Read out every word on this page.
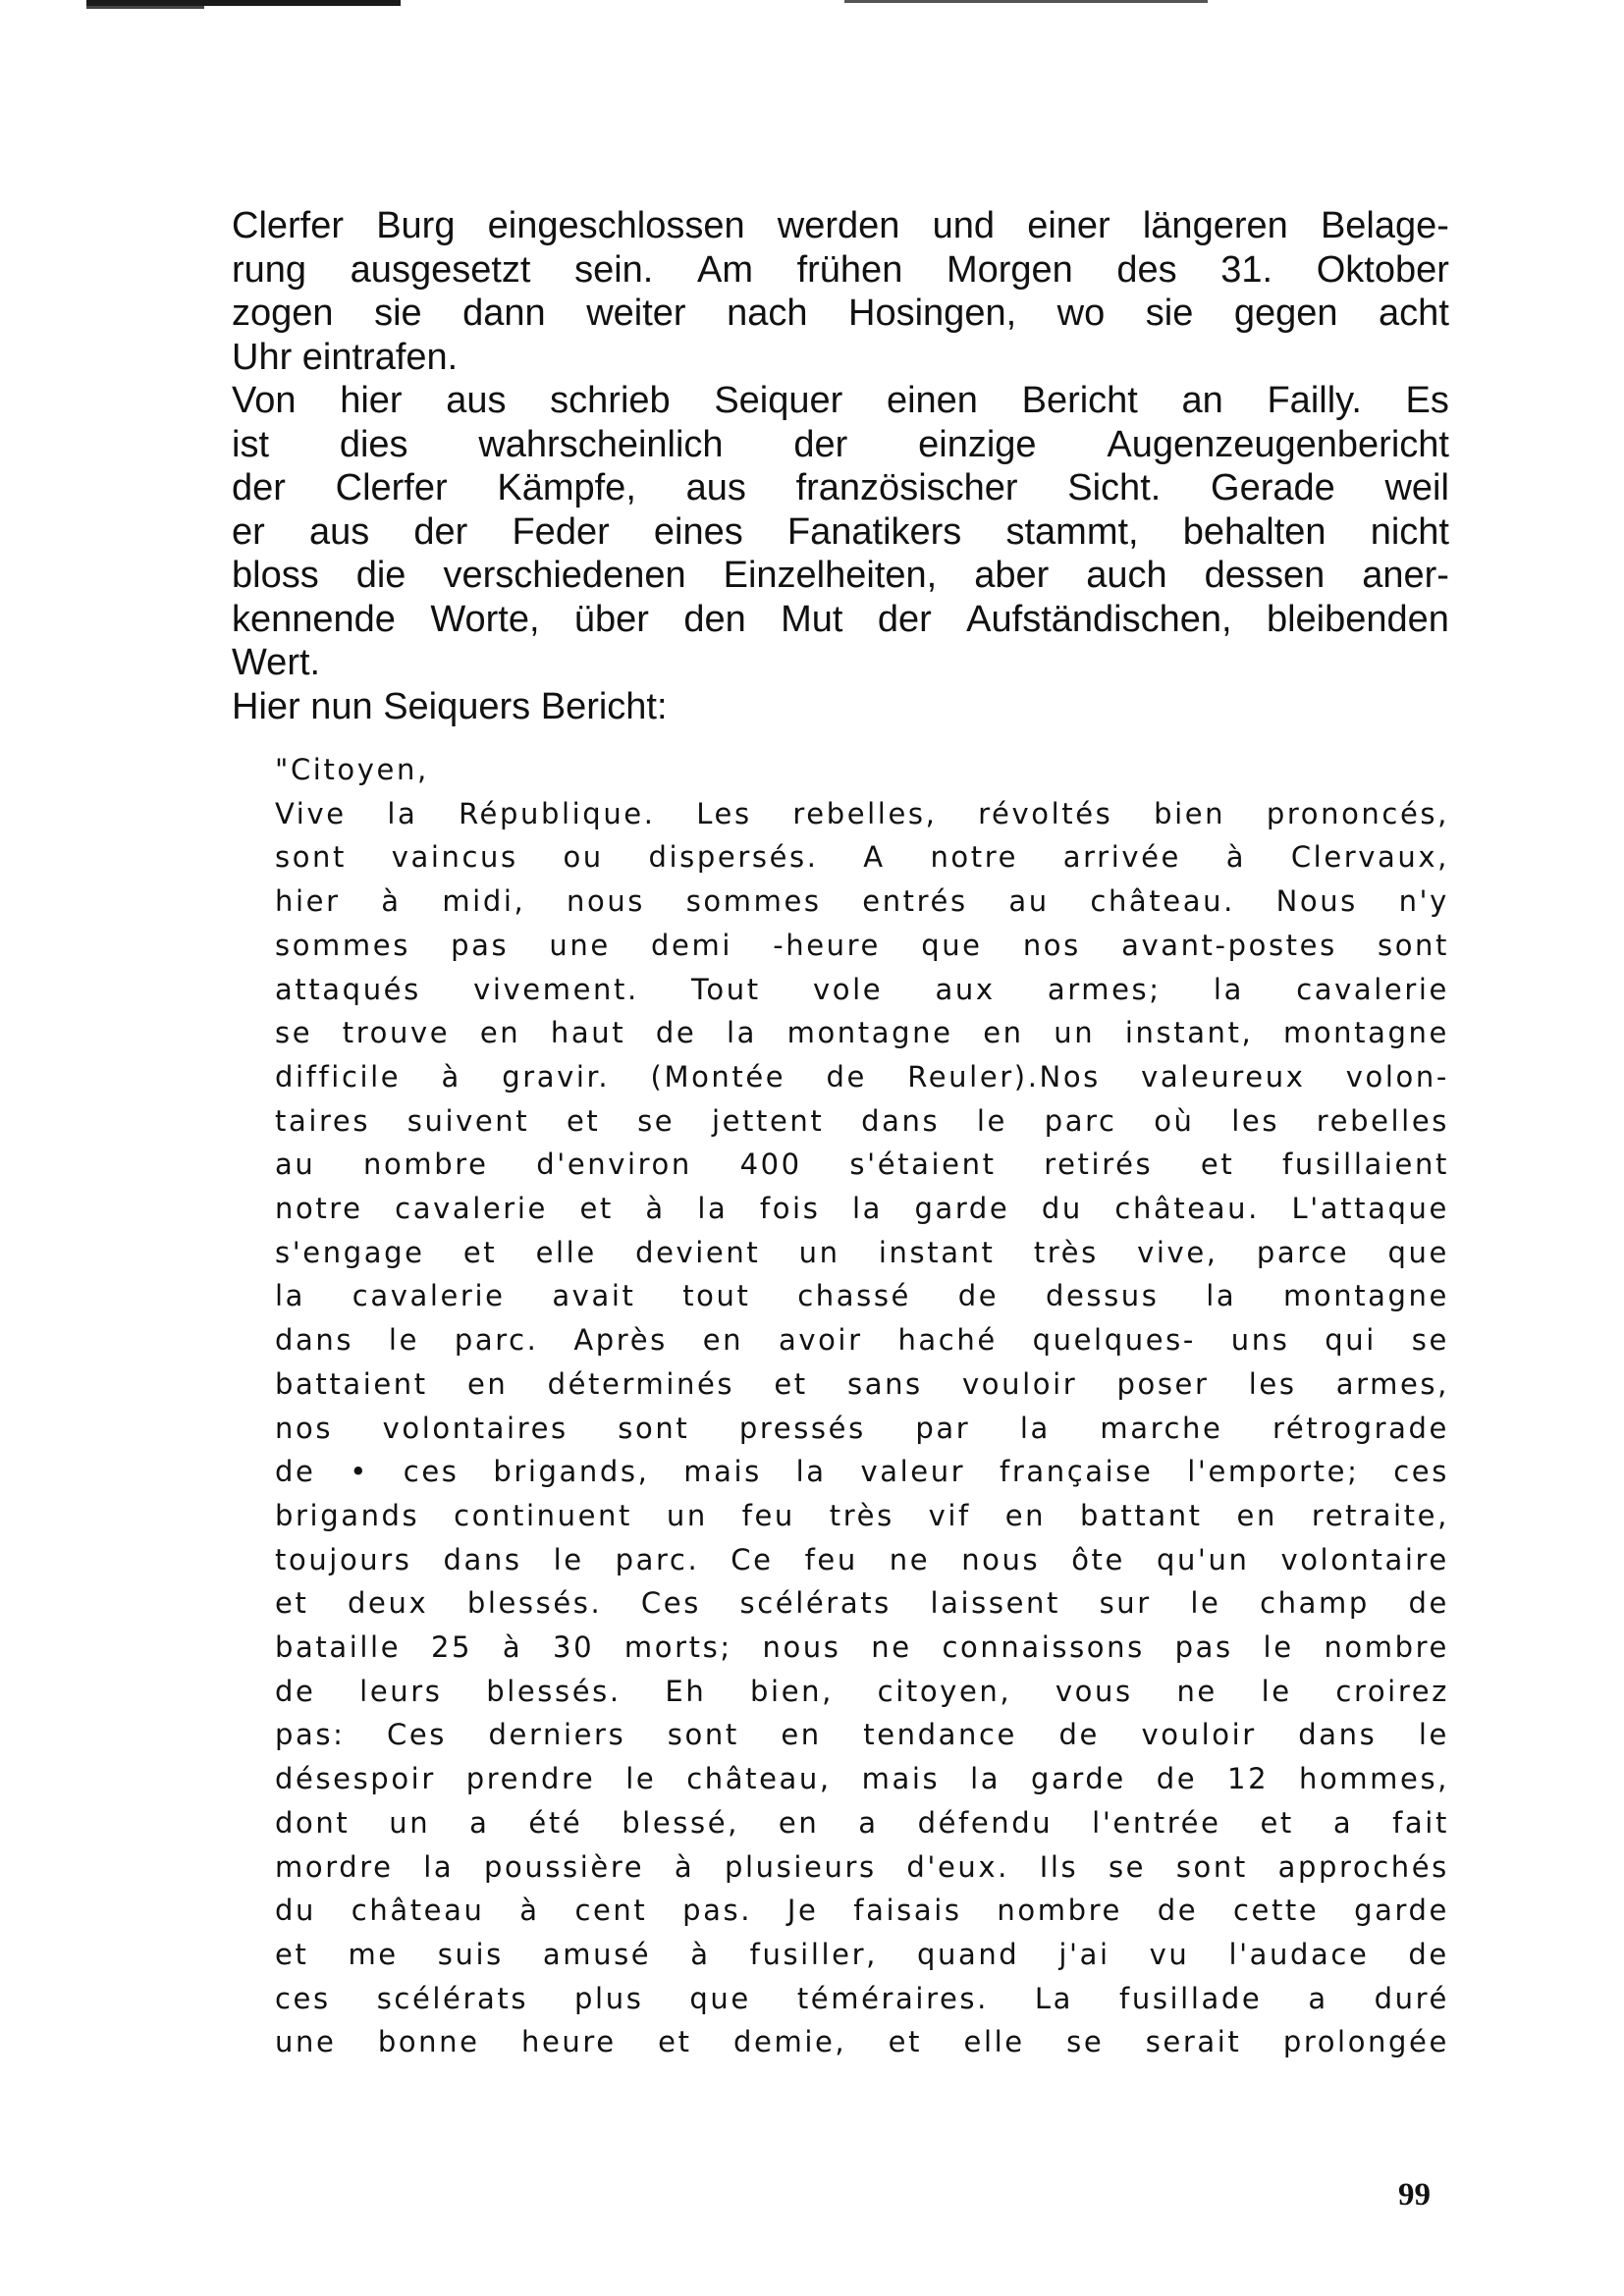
Clerfer Burg eingeschlossen werden und einer längeren Belage-
rung ausgesetzt sein. Am frühen Morgen des 31. Oktober
zogen sie dann weiter nach Hosingen, wo sie gegen acht
Uhr eintrafen.
Von hier aus schrieb Seiquer einen Bericht an Failly. Es
ist dies wahrscheinlich der einzige Augenzeugenbericht
der Clerfer Kämpfe, aus französischer Sicht. Gerade weil
er aus der Feder eines Fanatikers stammt, behalten nicht
bloss die verschiedenen Einzelheiten, aber auch dessen aner-
kennende Worte, über den Mut der Aufständischen, bleibenden
Wert.
Hier nun Seiquers Bericht:
"Citoyen,
Vive la République. Les rebelles, révoltés bien prononcés,
sont vaincus ou dispersés. A notre arrivée à Clervaux,
hier à midi, nous sommes entrés au château. Nous n'y
sommes pas une demi -heure que nos avant-postes sont
attaqués vivement. Tout vole aux armes; la cavalerie
se trouve en haut de la montagne en un instant, montagne
difficile à gravir. (Montée de Reuler).Nos valeureux volon-
taires suivent et se jettent dans le parc où les rebelles
au nombre d'environ 400 s'étaient retirés et fusillaient
notre cavalerie et à la fois la garde du château. L'attaque
s'engage et elle devient un instant très vive, parce que
la cavalerie avait tout chassé de dessus la montagne
dans le parc. Après en avoir haché quelques- uns qui se
battaient en déterminés et sans vouloir poser les armes,
nos volontaires sont pressés par la marche rétrograde
de • ces brigands, mais la valeur française l'emporte; ces
brigands continuent un feu très vif en battant en retraite,
toujours dans le parc. Ce feu ne nous ôte qu'un volontaire
et deux blessés. Ces scélérats laissent sur le champ de
bataille 25 à 30 morts; nous ne connaissons pas le nombre
de leurs blessés. Eh bien, citoyen, vous ne le croirez
pas: Ces derniers sont en tendance de vouloir dans le
désespoir prendre le château, mais la garde de 12 hommes,
dont un a été blessé, en a défendu l'entrée et a fait
mordre la poussière à plusieurs d'eux. Ils se sont approchés
du château à cent pas. Je faisais nombre de cette garde
et me suis amusé à fusiller, quand j'ai vu l'audace de
ces scélérats plus que téméraires. La fusillade a duré
une bonne heure et demie, et elle se serait prolongée
99
